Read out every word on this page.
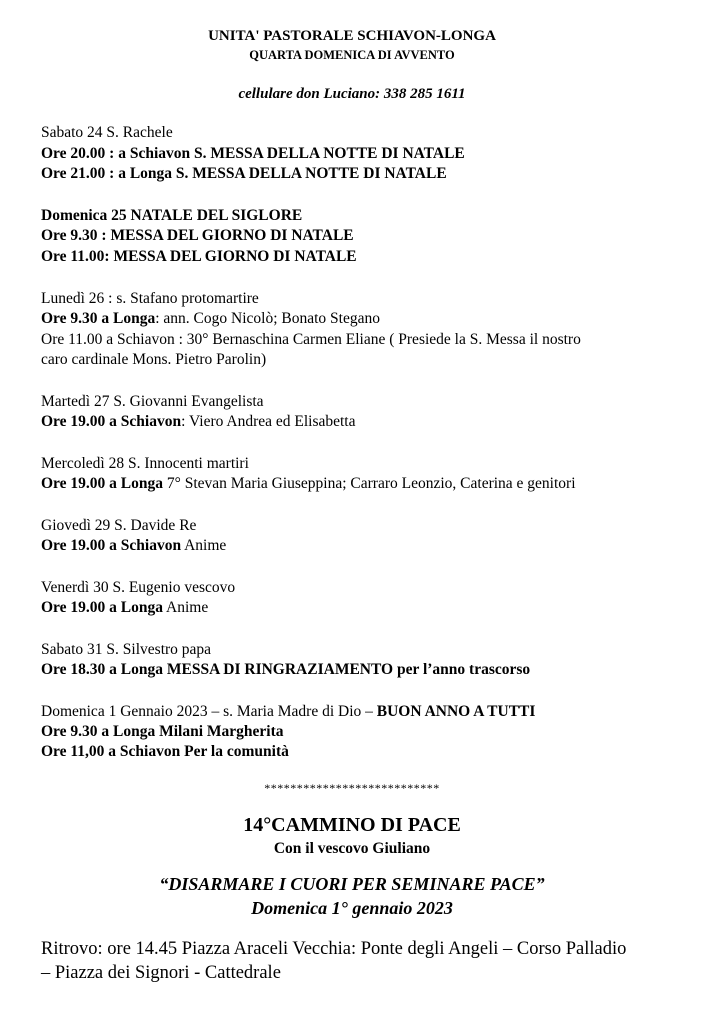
UNITA' PASTORALE SCHIAVON-LONGA
QUARTA DOMENICA DI AVVENTO
cellulare don Luciano: 338 285 1611
Sabato 24 S. Rachele
Ore 20.00 : a Schiavon S. MESSA DELLA NOTTE DI NATALE
Ore 21.00 : a Longa S. MESSA DELLA NOTTE DI NATALE
Domenica 25 NATALE DEL SIGLORE
Ore 9.30 : MESSA DEL GIORNO DI NATALE
Ore 11.00: MESSA DEL GIORNO DI NATALE
Lunedì 26 : s. Stafano protomartire
Ore 9.30 a Longa: ann. Cogo Nicolò; Bonato Stegano
Ore 11.00 a Schiavon : 30° Bernaschina Carmen Eliane ( Presiede la S. Messa il nostro
caro cardinale Mons. Pietro Parolin)
Martedì 27 S. Giovanni Evangelista
Ore 19.00 a Schiavon: Viero Andrea ed Elisabetta
Mercoledì 28 S. Innocenti martiri
Ore 19.00 a Longa 7° Stevan Maria Giuseppina; Carraro Leonzio, Caterina e genitori
Giovedì 29 S. Davide Re
Ore 19.00 a Schiavon Anime
Venerdì 30 S. Eugenio vescovo
Ore 19.00 a Longa Anime
Sabato 31 S. Silvestro papa
Ore 18.30 a Longa MESSA DI RINGRAZIAMENTO per l’anno trascorso
Domenica 1 Gennaio 2023 – s. Maria Madre di Dio – BUON ANNO A TUTTI
Ore 9.30 a Longa Milani Margherita
Ore 11,00 a Schiavon Per la comunità
***************************
14°CAMMINO DI PACE
Con il vescovo Giuliano
“DISARMARE I CUORI PER SEMINARE PACE”
Domenica 1° gennaio 2023
Ritrovo: ore 14.45 Piazza Araceli Vecchia: Ponte degli Angeli – Corso Palladio
– Piazza dei Signori - Cattedrale
